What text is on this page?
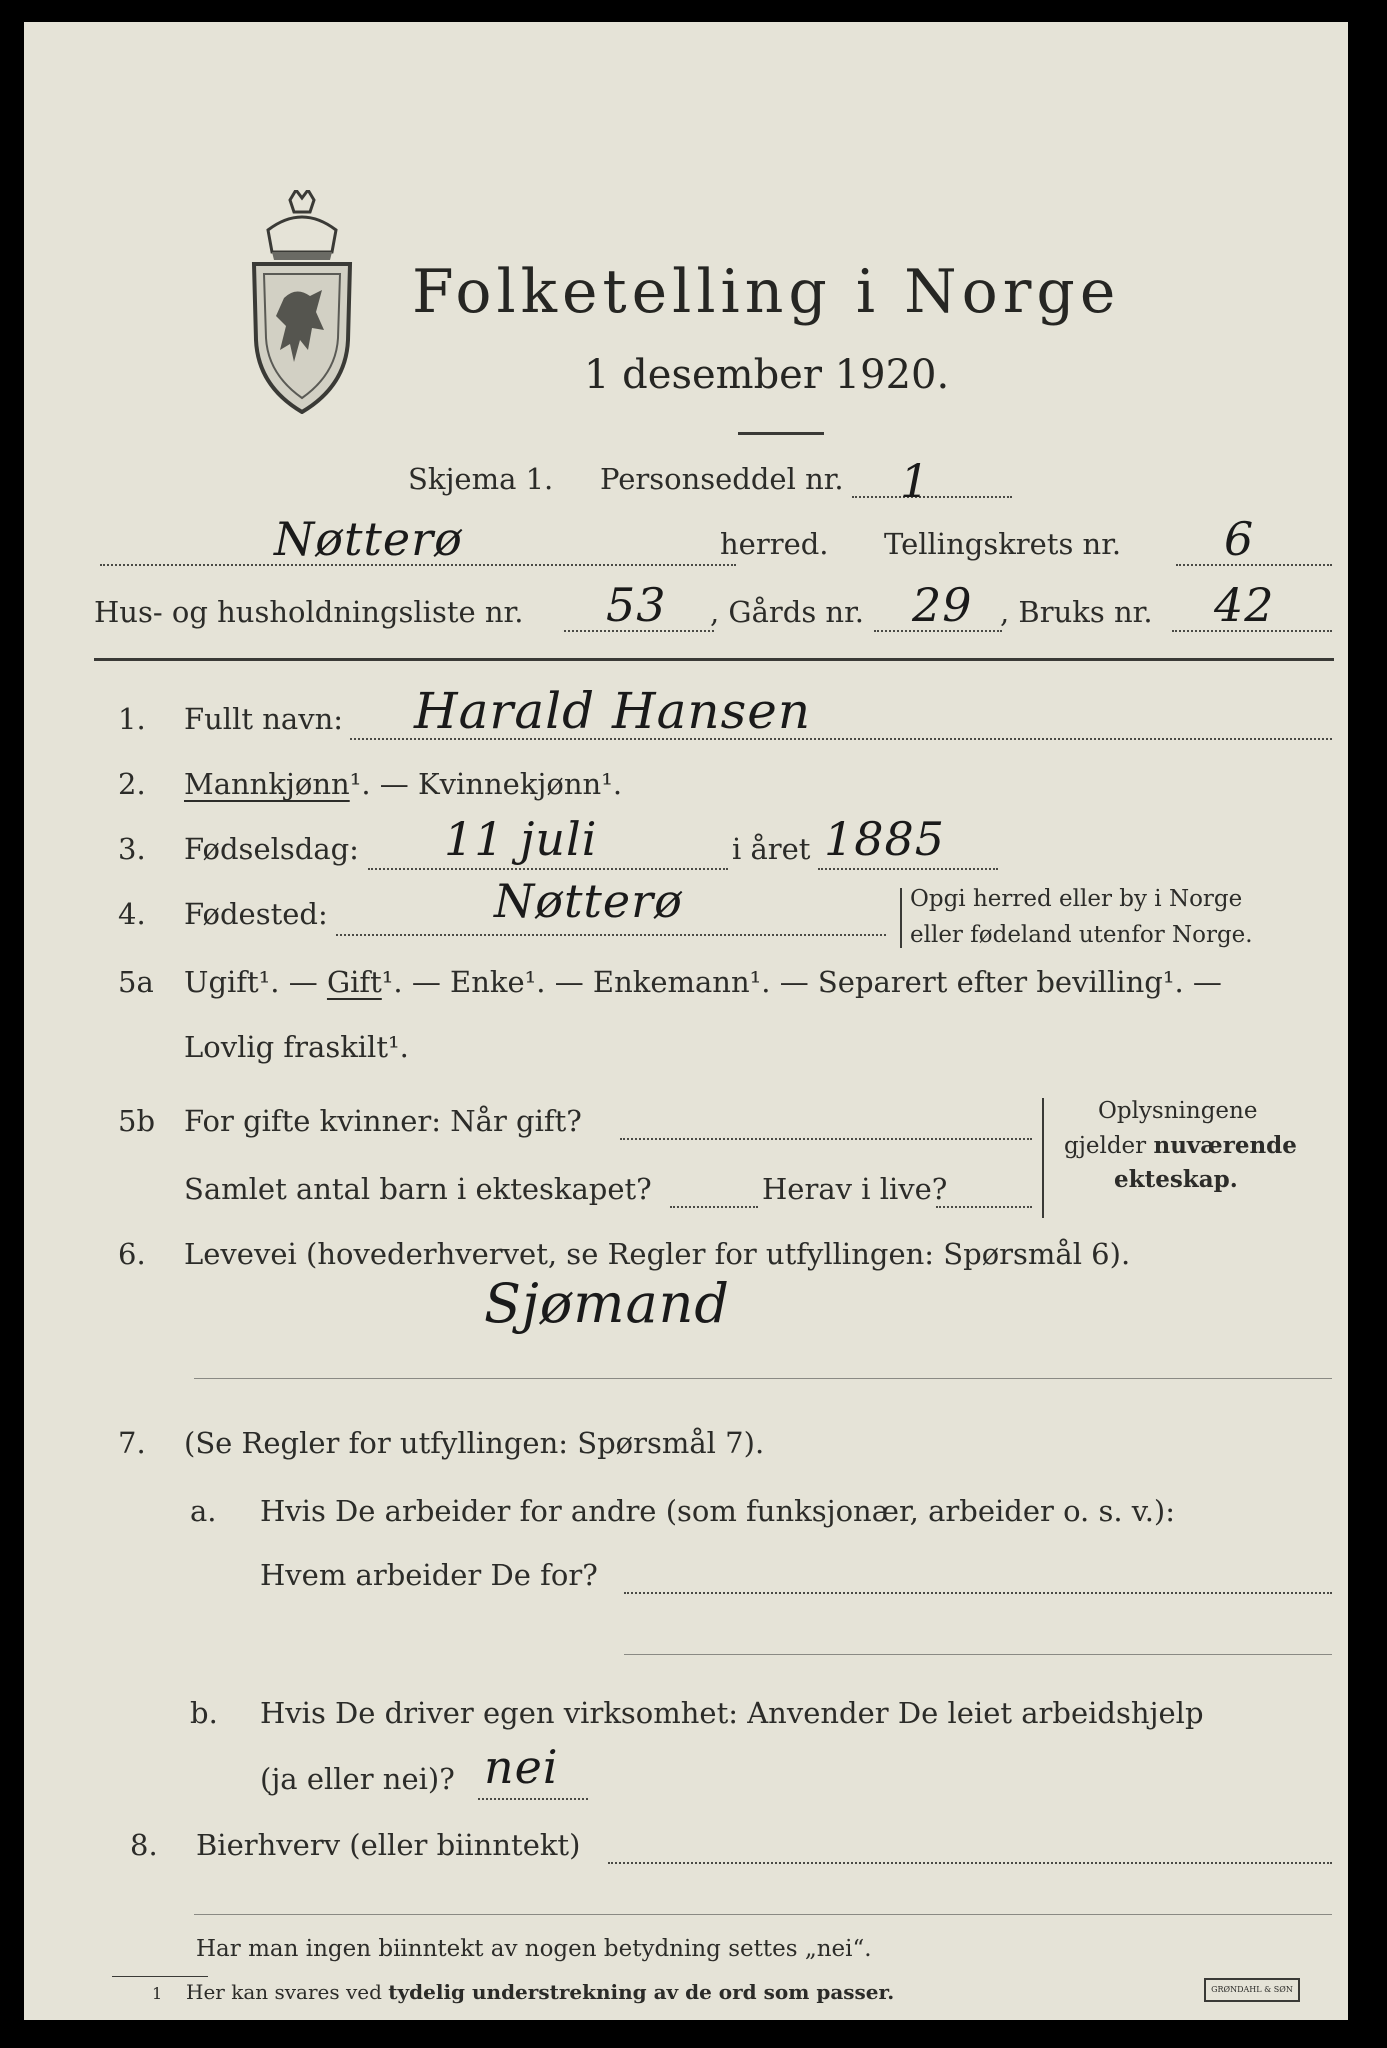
Folketelling i Norge
1 desember 1920.
Skjema 1. Personseddel nr. 1
Nøtterø	herred. Tellingskrets nr. 6
Hus- og husholdningsliste nr. 53 , Gårds nr. 29 , Bruks nr. 42
1. Fullt navn: Harald Hansen
2. Mannkjønn¹. — Kvinnekjønn¹.
3. Fødselsdag: 11 juli	i året 1885
4. Fødested:	Nøtterø	Opgi herred eller by i Norge
eller fødeland utenfor Norge.
5a Ugift¹. — Gift¹. — Enke¹. — Enkemann¹. — Separert efter bevilling¹. —
Lovlig fraskilt¹.
5b For gifte kvinner: Når gift?
Samlet antal barn i ekteskapet?	Herav i live?
Oplysningene
gjelder nuværende
ekteskap.
6. Levevei (hovederhvervet, se Regler for utfyllingen: Spørsmål 6).
Sjømand
7. (Se Regler for utfyllingen: Spørsmål 7).
a. Hvis De arbeider for andre (som funksjonær, arbeider o. s. v.):
Hvem arbeider De for?
b. Hvis De driver egen virksomhet: Anvender De leiet arbeidshjelp
(ja eller nei)? nei
8. Bierhverv (eller biinntekt)
Har man ingen biinntekt av nogen betydning settes „nei“.
1 Her kan svares ved tydelig understrekning av de ord som passer.	GRØNDAHL & SØN
